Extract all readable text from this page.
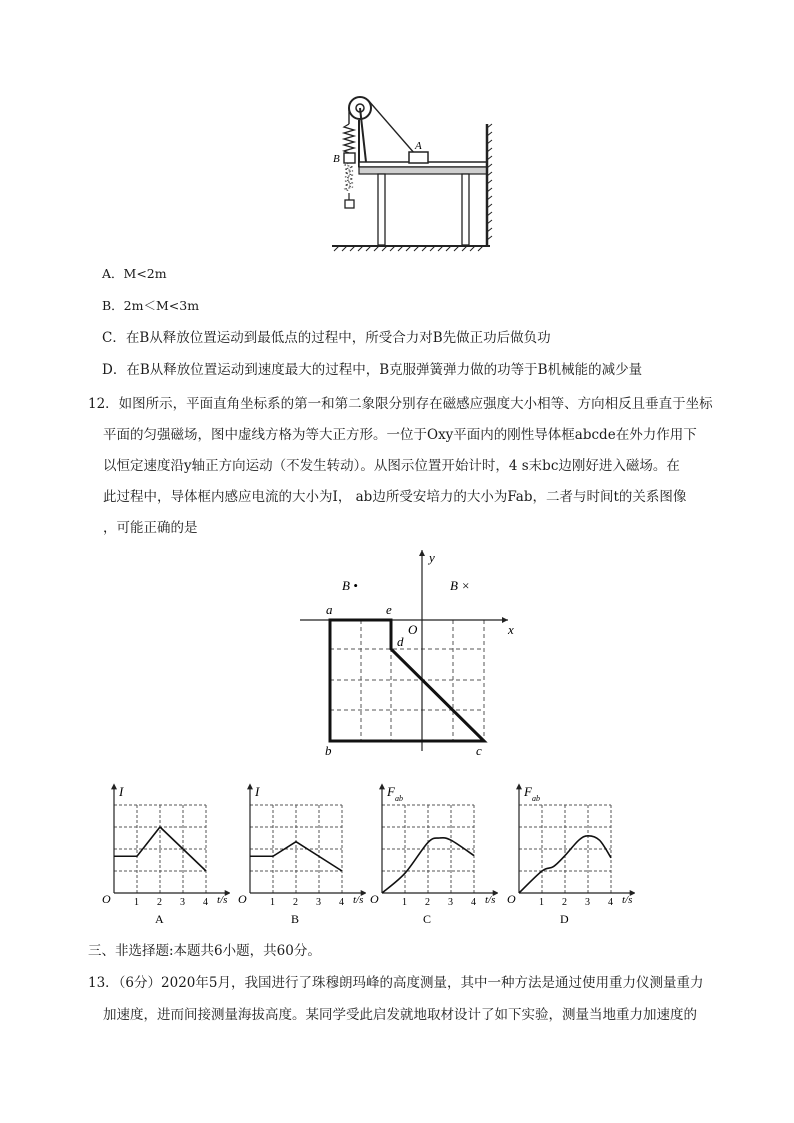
B
A
A．M<2m
B．2m＜M<3m
C．在B从释放位置运动到最低点的过程中，所受合力对B先做正功后做负功
D．在B从释放位置运动到速度最大的过程中，B克服弹簧弹力做的功等于B机械能的减少量
12．如图所示，平面直角坐标系的第一和第二象限分别存在磁感应强度大小相等、方向相反且垂直于坐标
平面的匀强磁场，图中虚线方格为等大正方形。一位于Oxy平面内的刚性导体框abcde在外力作用下
以恒定速度沿y轴正方向运动（不发生转动）。从图示位置开始计时，4 s末bc边刚好进入磁场。在
此过程中，导体框内感应电流的大小为I， ab边所受安培力的大小为Fab，二者与时间t的关系图像
，可能正确的是
a	e
d
b	c
O	x
y
B •	B ×
O 1 2 3 4 t/s
I
A
O 1 2 3 4 t/s
I
B
O 1 2 3 4 t/s
F ab
C
O 1 2 3 4 t/s
F ab
D
三、非选择题:本题共6小题，共60分。
13．（6分）2020年5月，我国进行了珠穆朗玛峰的高度测量，其中一种方法是通过使用重力仪测量重力
加速度，进而间接测量海拔高度。某同学受此启发就地取材设计了如下实验，测量当地重力加速度的
